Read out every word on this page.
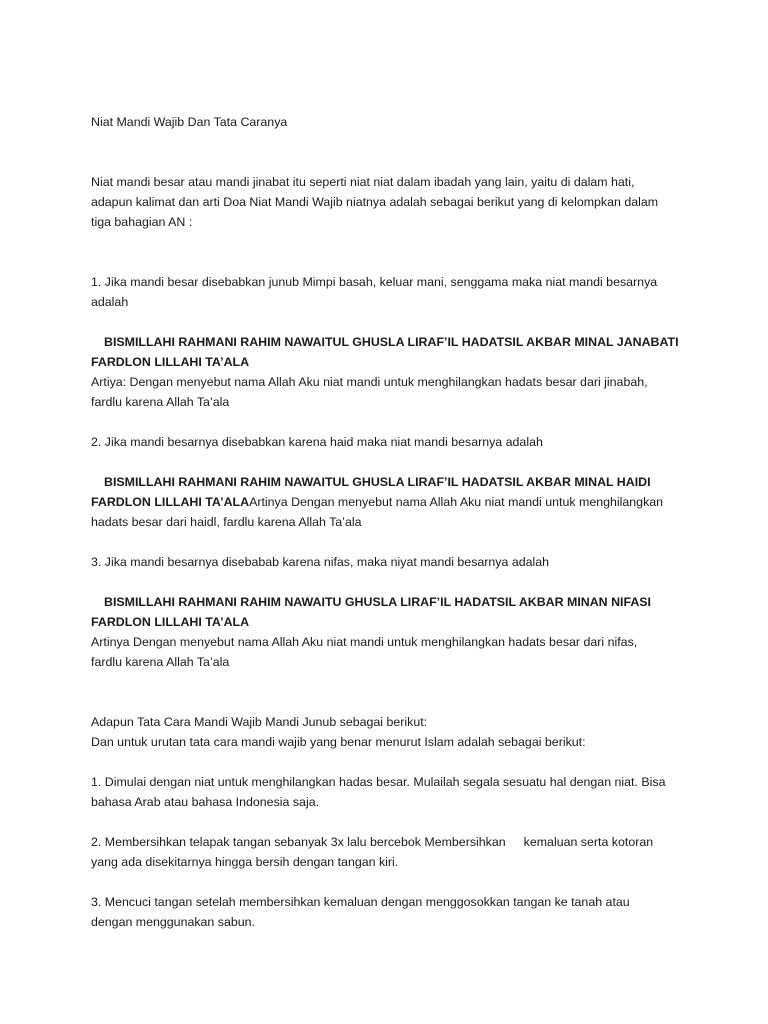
Niat Mandi Wajib Dan Tata Caranya

Niat mandi besar atau mandi jinabat itu seperti niat niat dalam ibadah yang lain, yaitu di dalam hati,

adapun kalimat dan arti Doa Niat Mandi Wajib niatnya adalah sebagai berikut yang di kelompkan dalam

tiga bahagian AN :

1. Jika mandi besar disebabkan junub Mimpi basah, keluar mani, senggama maka niat mandi besarnya

adalah

BISMILLAHI RAHMANI RAHIM NAWAITUL GHUSLA LIRAF’IL HADATSIL AKBAR MINAL JANABATI

FARDLON LILLAHI TA’ALA

Artiya: Dengan menyebut nama Allah Aku niat mandi untuk menghilangkan hadats besar dari jinabah,

fardlu karena Allah Ta’ala

2. Jika mandi besarnya disebabkan karena haid maka niat mandi besarnya adalah

BISMILLAHI RAHMANI RAHIM NAWAITUL GHUSLA LIRAF’IL HADATSIL AKBAR MINAL HAIDI

FARDLON LILLAHI TA’ALAArtinya Dengan menyebut nama Allah Aku niat mandi untuk menghilangkan

hadats besar dari haidl, fardlu karena Allah Ta’ala

3. Jika mandi besarnya disebabab karena nifas, maka niyat mandi besarnya adalah

BISMILLAHI RAHMANI RAHIM NAWAITU GHUSLA LIRAF’IL HADATSIL AKBAR MINAN NIFASI

FARDLON LILLAHI TA’ALA

Artinya Dengan menyebut nama Allah Aku niat mandi untuk menghilangkan hadats besar dari nifas,

fardlu karena Allah Ta’ala

Adapun Tata Cara Mandi Wajib Mandi Junub sebagai berikut:

Dan untuk urutan tata cara mandi wajib yang benar menurut Islam adalah sebagai berikut:

1. Dimulai dengan niat untuk menghilangkan hadas besar. Mulailah segala sesuatu hal dengan niat. Bisa

bahasa Arab atau bahasa Indonesia saja.

2. Membersihkan telapak tangan sebanyak 3x lalu bercebok Membersihkan kemaluan serta kotoran

yang ada disekitarnya hingga bersih dengan tangan kiri.

3. Mencuci tangan setelah membersihkan kemaluan dengan menggosokkan tangan ke tanah atau

dengan menggunakan sabun.
